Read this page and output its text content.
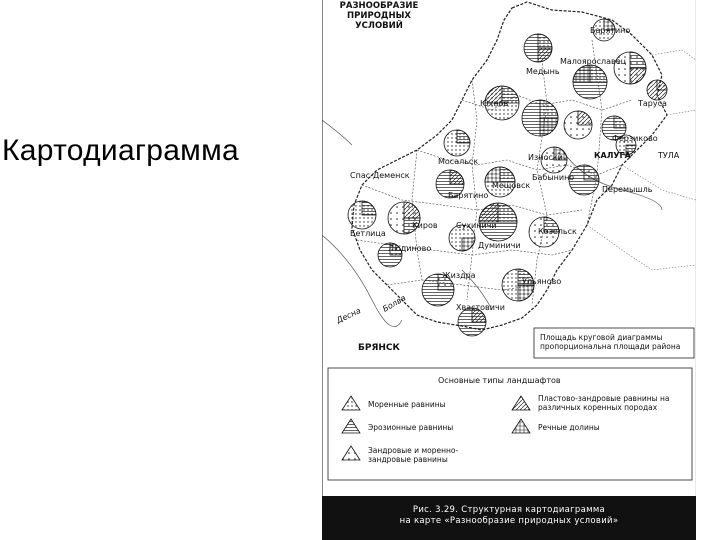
Картодиаграмма
РАЗНООБРАЗИЕ ПРИРОДНЫХ УСЛОВИЙ	Барятино
Малоярославец
Медынь
Юхнов	Таруса
Ферзиково
Мосальск	Износки	КАЛУГА	ТУЛА
Спас-Деменск
Барятино
Мещовск
Бабынино
Перемышль
Киров Сухиничи
Козельск
Бетлица
Людиново	Думиничи
Жиздра
Ульяново
Хвастовичи
БРЯНСК
Десна
Болва
Площадь круговой диаграммы пропорциональна площади района
Основные типы ландшафтов
Моренные равнины
Эрозионные равнины
Зандровые и моренно-зандровые равнины
Пластово-зандровые равнины на различных коренных породах
Речные долины
Рис. 3.29. Структурная картодиаграмма
на карте «Разнообразие природных условий»
